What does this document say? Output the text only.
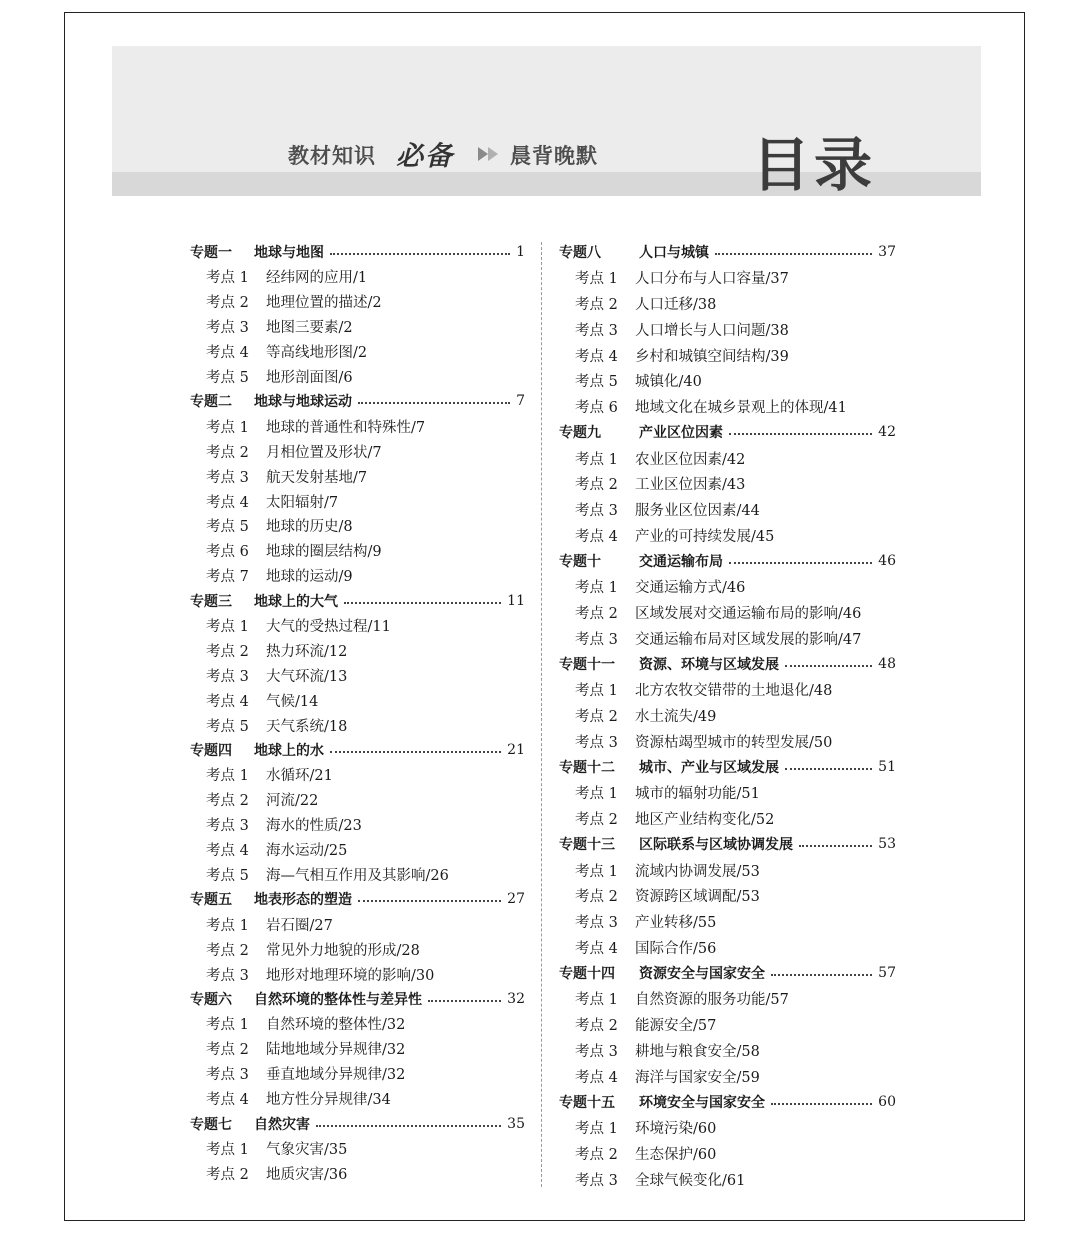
教材知识 必备	晨背晚默	目录
专题一	地球与地图	1
考点 1	经纬网的应用/1
考点 2	地理位置的描述/2
考点 3	地图三要素/2
考点 4	等高线地形图/2
考点 5	地形剖面图/6
专题二	地球与地球运动	7
考点 1	地球的普通性和特殊性/7
考点 2	月相位置及形状/7
考点 3	航天发射基地/7
考点 4	太阳辐射/7
考点 5	地球的历史/8
考点 6	地球的圈层结构/9
考点 7	地球的运动/9
专题三	地球上的大气	11
考点 1	大气的受热过程/11
考点 2	热力环流/12
考点 3	大气环流/13
考点 4	气候/14
考点 5	天气系统/18
专题四	地球上的水	21
考点 1	水循环/21
考点 2	河流/22
考点 3	海水的性质/23
考点 4	海水运动/25
考点 5	海—气相互作用及其影响/26
专题五	地表形态的塑造	27
考点 1	岩石圈/27
考点 2	常见外力地貌的形成/28
考点 3	地形对地理环境的影响/30
专题六	自然环境的整体性与差异性	32
考点 1	自然环境的整体性/32
考点 2	陆地地域分异规律/32
考点 3	垂直地域分异规律/32
考点 4	地方性分异规律/34
专题七	自然灾害	35
考点 1	气象灾害/35
考点 2	地质灾害/36
专题八	人口与城镇	37
考点 1	人口分布与人口容量/37
考点 2	人口迁移/38
考点 3	人口增长与人口问题/38
考点 4	乡村和城镇空间结构/39
考点 5	城镇化/40
考点 6	地域文化在城乡景观上的体现/41
专题九	产业区位因素	42
考点 1	农业区位因素/42
考点 2	工业区位因素/43
考点 3	服务业区位因素/44
考点 4	产业的可持续发展/45
专题十	交通运输布局	46
考点 1	交通运输方式/46
考点 2	区域发展对交通运输布局的影响/46
考点 3	交通运输布局对区域发展的影响/47
专题十一	资源、环境与区域发展	48
考点 1	北方农牧交错带的土地退化/48
考点 2	水土流失/49
考点 3	资源枯竭型城市的转型发展/50
专题十二	城市、产业与区域发展	51
考点 1	城市的辐射功能/51
考点 2	地区产业结构变化/52
专题十三	区际联系与区域协调发展	53
考点 1	流域内协调发展/53
考点 2	资源跨区域调配/53
考点 3	产业转移/55
考点 4	国际合作/56
专题十四	资源安全与国家安全	57
考点 1	自然资源的服务功能/57
考点 2	能源安全/57
考点 3	耕地与粮食安全/58
考点 4	海洋与国家安全/59
专题十五	环境安全与国家安全	60
考点 1	环境污染/60
考点 2	生态保护/60
考点 3	全球气候变化/61
